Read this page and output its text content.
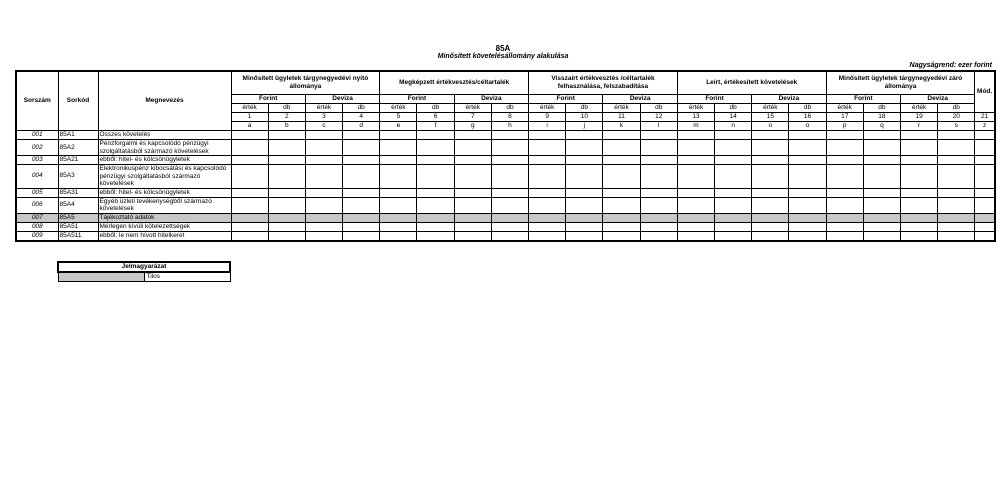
85A
Minősített követelésállomány alakulása
Nagyságrend: ezer forint
Sorszám	Sorkód	Megnevezés	Minősített ügyletek tárgynegyedévi nyitó állománya				Megképzett értékvesztés/céltartalék				Visszaírt értékvesztés /céltartalék felhasználása, felszabadítása				Leírt, értékesített követelések				Minősített ügyletek tárgynegyedévi záró állománya				Mód.
			Forint		Deviza		Forint		Deviza		Forint		Deviza		Forint		Deviza		Forint		Deviza		
			érték	db	érték	db	érték	db	érték	db	érték	db	érték	db	érték	db	érték	db	érték	db	érték	db	
			1	2	3	4	5	6	7	8	9	10	11	12	13	14	15	16	17	18	19	20	21
			a	b	c	d	e	f	g	h	i	j	k	l	m	n	o	o	p	q	r	s	z
001	85A1	Összes követelés																					
002	85A2	Pénzforgalmi és kapcsolódó pénzügyi szolgáltatásból származó követelések																					
003	85A21	ebből: hitel- és kölcsönügyletek																					
004	85A3	Elektronikuspénz kibocsátási és kapcsolódó pénzügyi szolgáltatásból származó követelések																					
005	85A31	ebből: hitel- és kölcsönügyletek																					
006	85A4	Egyéb üzleti tevékenységből származó követelések																					
007	85A5	Tájékoztató adatok																					
008	85A51	Mérlegen kívüli kötelezettségek																					
009	85A511	ebből: le nem hívott hitelkeret																					
Jelmagyarázat
	Tilos
